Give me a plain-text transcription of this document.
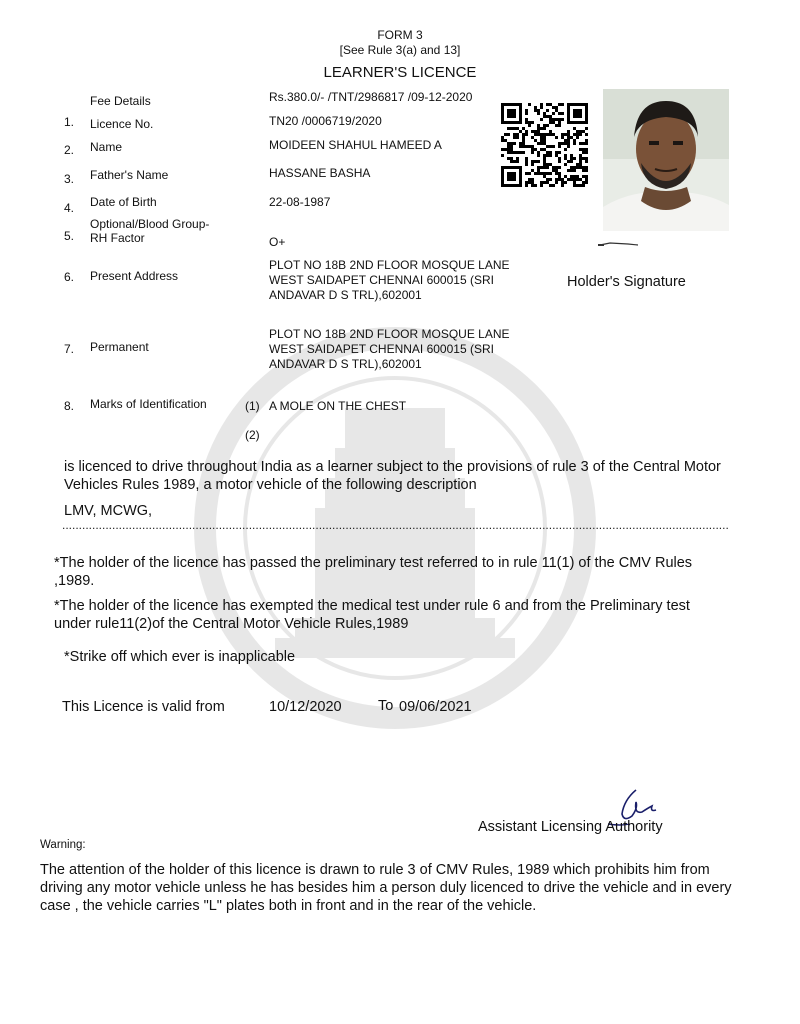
FORM 3
[See Rule 3(a) and 13]
LEARNER'S LICENCE
Fee Details	Rs.380.0/- /TNT/2986817 /09-12-2020
1. Licence No.	TN20 /0006719/2020
2. Name	MOIDEEN SHAHUL HAMEED A
3. Father's Name	HASSANE BASHA
4. Date of Birth	22-08-1987
5.
Optional/Blood Group-
RH Factor	O+
6. Present Address
PLOT NO 18B 2ND FLOOR MOSQUE LANE
WEST SAIDAPET CHENNAI 600015 (SRI
ANDAVAR D S TRL),602001
7. Permanent
PLOT NO 18B 2ND FLOOR MOSQUE LANE
WEST SAIDAPET CHENNAI 600015 (SRI
ANDAVAR D S TRL),602001
8. Marks of Identification	(1) A MOLE ON THE CHEST
(2)
Holder's Signature
is licenced to drive throughout India as a learner subject to the provisions of rule 3 of the Central Motor Vehicles Rules 1989, a motor vehicle of the following description
LMV, MCWG,
........................................................................................................................................................................................................
*The holder of the licence has passed the preliminary test referred to in rule 11(1) of the CMV Rules ,1989.
*The holder of the licence has exempted the medical test under rule 6 and from the Preliminary test under rule11(2)of the Central Motor Vehicle Rules,1989
*Strike off which ever is inapplicable
This Licence is valid from	10/12/2020	To 09/06/2021
Assistant Licensing Authority
Warning:
The attention of the holder of this licence is drawn to rule 3 of CMV Rules, 1989 which prohibits him from driving any motor vehicle unless he has besides him a person duly licenced to drive the vehicle and in every case , the vehicle carries "L" plates both in front and in the rear of the vehicle.
